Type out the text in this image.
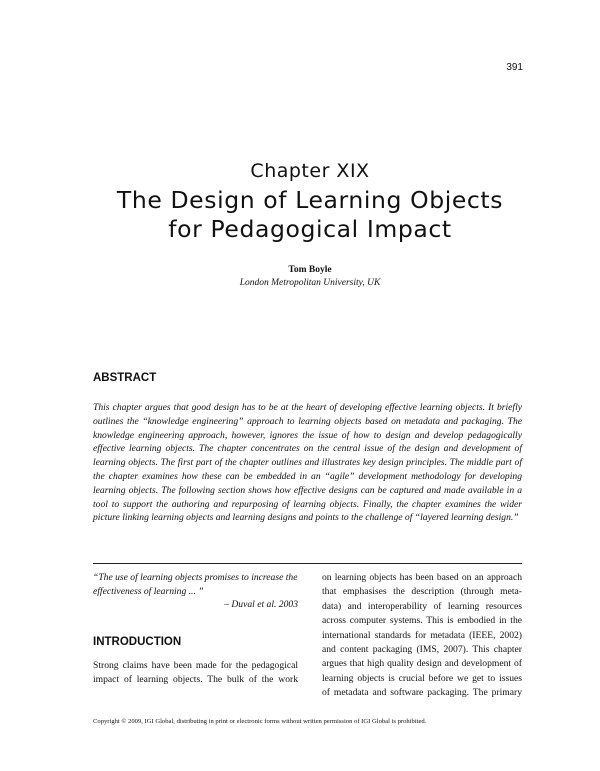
391
Chapter XIX
The Design of Learning Objects
for Pedagogical Impact
Tom Boyle
London Metropolitan University, UK
ABSTRACT

This chapter argues that good design has to be at the heart of developing effective learning objects. It briefly outlines the “knowledge engineering” approach to learning objects based on metadata and packaging. The knowledge engineering approach, however, ignores the issue of how to design and develop pedagogically effective learning objects. The chapter concentrates on the central issue of the design and development of learning objects. The first part of the chapter outlines and illustrates key design principles. The middle part of the chapter examines how these can be embedded in an “agile” development methodology for developing learning objects. The following section shows how effective designs can be captured and made available in a tool to support the authoring and repurposing of learning objects. Finally, the chapter examines the wider picture linking learning objects and learning designs and points to the challenge of “layered learning design.”

“The use of learning objects promises to increase the effectiveness of learning ... ”
– Duval et al. 2003
INTRODUCTION
Strong claims have been made for the pedagogical
impact of learning objects. The bulk of the work
on learning objects has been based on an approach
that emphasises the description (through meta-
data) and interoperability of learning resources
across computer systems. This is embodied in the
international standards for metadata (IEEE, 2002)
and content packaging (IMS, 2007). This chapter
argues that high quality design and development of
learning objects is crucial before we get to issues
of metadata and software packaging. The primary
Copyright © 2009, IGI Global, distributing in print or electronic forms without written permission of IGI Global is prohibited.
